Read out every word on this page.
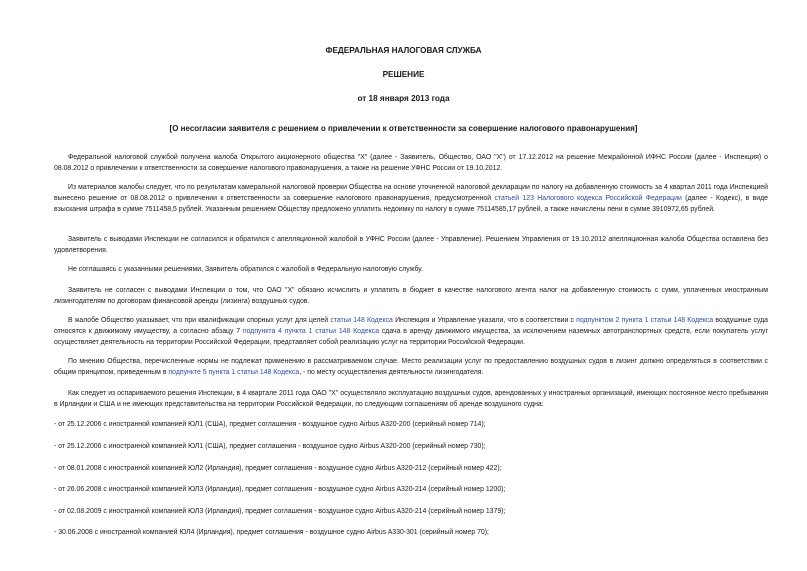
ФЕДЕРАЛЬНАЯ НАЛОГОВАЯ СЛУЖБА
РЕШЕНИЕ
от 18 января 2013 года
[О несогласии заявителя с решением о привлечении к ответственности за совершение налогового правонарушения]
Федеральной налоговой службой получена жалоба Открытого акционерного общества "X" (далее - Заявитель, Общество, ОАО "X") от 17.12.2012 на решение Межрайонной ИФНС России (далее - Инспекция) о 08.08.2012 о привлечении к ответственности за совершение налогового правонарушения, а также на решение УФНС России от 19.10.2012.
Из материалов жалобы следует, что по результатам камеральной налоговой проверки Общества на основе уточненной налоговой декларации по налогу на добавленную стоимость за 4 квартал 2011 года Инспекцией вынесено решение от 08.08.2012 о привлечении к ответственности за совершение налогового правонарушения, предусмотренной статьей 123 Налогового кодекса Российской Федерации (далее - Кодекс), в виде взыскания штрафа в сумме 7511458,5 рублей. Указанным решением Обществу предложено уплатить недоимку по налогу в сумме 75114585,17 рублей, а также начислены пени в сумме 3910972,65 рублей.
Заявитель с выводами Инспекции не согласился и обратился с апелляционной жалобой в УФНС России (далее - Управление). Решением Управления от 19.10.2012 апелляционная жалоба Общества оставлена без удовлетворения.
Не соглашаясь с указанными решениями, Заявитель обратился с жалобой в Федеральную налоговую службу.
Заявитель не согласен с выводами Инспекции о том, что ОАО "X" обязано исчислить и уплатить в бюджет в качестве налогового агента налог на добавленную стоимость с сумм, уплаченных иностранным лизингодателям по договорам финансовой аренды (лизинга) воздушных судов.
В жалобе Общество указывает, что при квалификации спорных услуг для целей статьи 148 Кодекса Инспекция и Управление указали, что в соответствии с подпунктом 2 пункта 1 статьи 148 Кодекса воздушные суда относятся к движимому имуществу, а согласно абзацу 7 подпункта 4 пункта 1 статьи 148 Кодекса сдача в аренду движимого имущества, за исключением наземных автотранспортных средств, если покупатель услуг осуществляет деятельность на территории Российской Федерации, представляет собой реализацию услуг на территории Российской Федерации.
По мнению Общества, перечисленные нормы не подлежат применению в рассматриваемом случае. Место реализации услуг по предоставлению воздушных судов в лизинг должно определяться в соответствии с общим принципом, приведенным в подпункте 5 пункта 1 статьи 148 Кодекса, - по месту осуществления деятельности лизингодателя.
Как следует из оспариваемого решения Инспекции, в 4 квартале 2011 года ОАО "X" осуществляло эксплуатацию воздушных судов, арендованных у иностранных организаций, имеющих постоянное место пребывания в Ирландии и США и не имеющих представительства на территории Российской Федерации, по следующим соглашениям об аренде воздушного судна:
- от 25.12.2006 с иностранной компанией ЮЛ1 (США), предмет соглашения - воздушное судно Airbus A320-200 (серийный номер 714);
- от 25.12.2006 с иностранной компанией ЮЛ1 (США), предмет соглашения - воздушное судно Airbus A320-200 (серийный номер 730);
- от 08.01.2008 с иностранной компанией ЮЛ2 (Ирландия), предмет соглашения - воздушное судно Airbus A320-212 (серийный номер 422);
- от 26.06.2008 с иностранной компанией ЮЛ3 (Ирландия), предмет соглашения - воздушное судно Airbus A320-214 (серийный номер 1200);
- от 02.08.2009 с иностранной компанией ЮЛ3 (Ирландия), предмет соглашения - воздушное судно Airbus A320-214 (серийный номер 1379);
- 30.06.2008 с иностранной компанией ЮЛ4 (Ирландия), предмет соглашения - воздушное судно Airbus A330-301 (серийный номер 70);
